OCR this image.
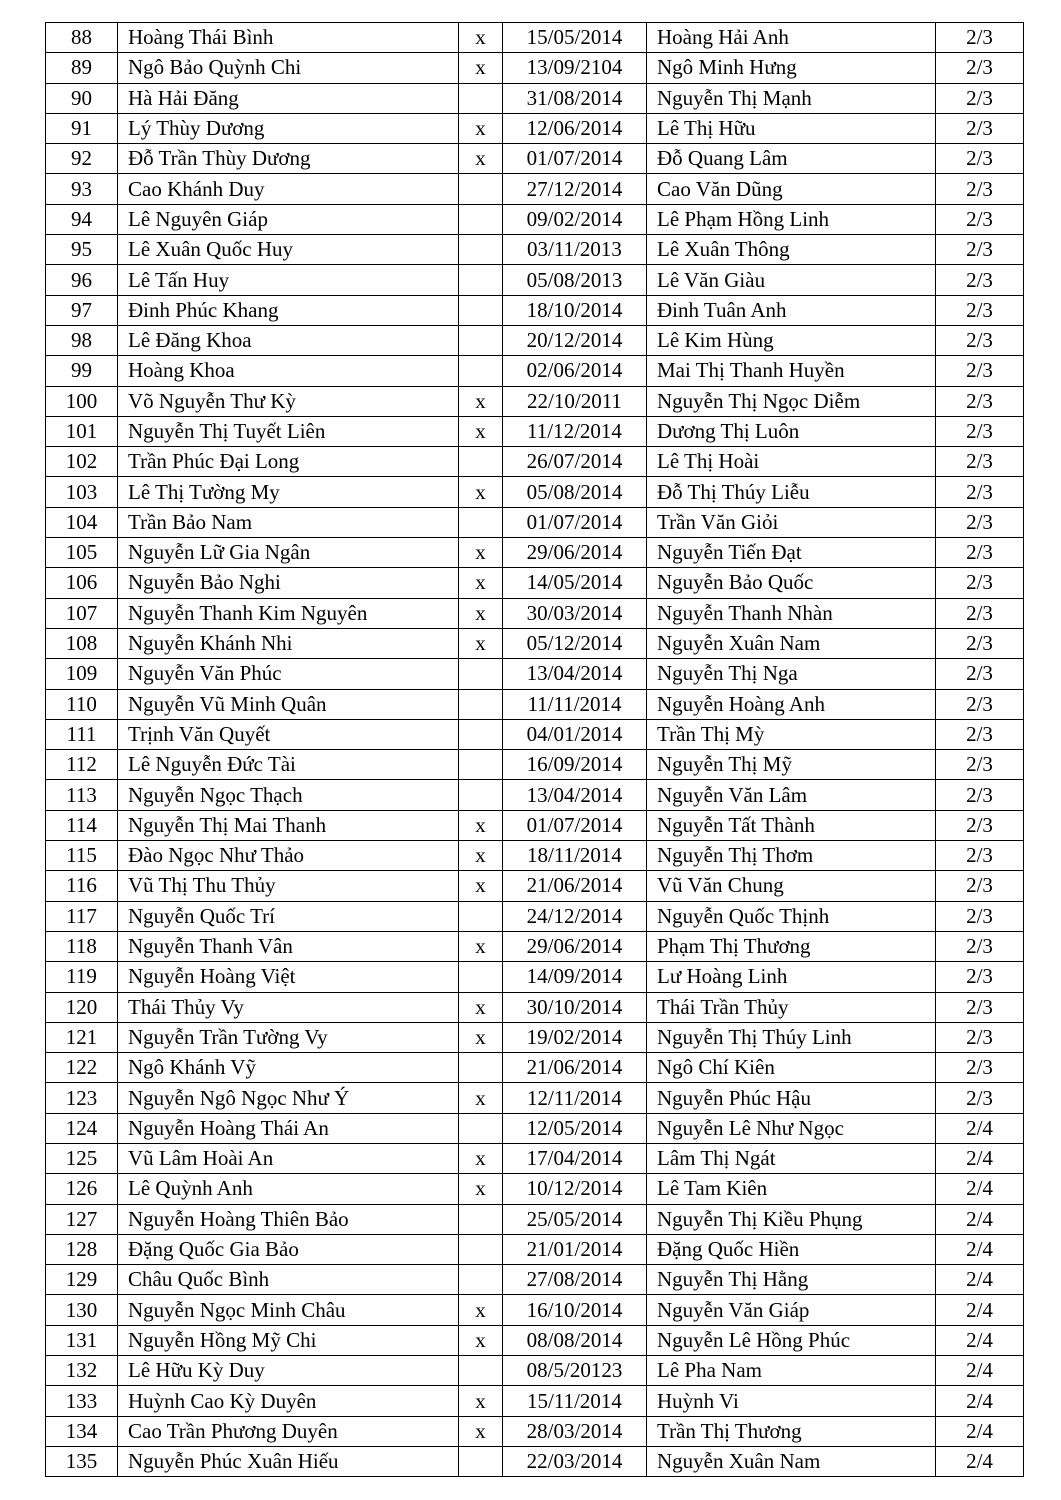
88	Hoàng Thái Bình	x	15/05/2014	Hoàng Hải Anh	2/3
89	Ngô Bảo Quỳnh Chi	x	13/09/2104	Ngô Minh Hưng	2/3
90	Hà Hải Đăng		31/08/2014	Nguyễn Thị Mạnh	2/3
91	Lý Thùy Dương	x	12/06/2014	Lê Thị Hữu	2/3
92	Đỗ Trần Thùy Dương	x	01/07/2014	Đỗ Quang Lâm	2/3
93	Cao Khánh Duy		27/12/2014	Cao Văn Dũng	2/3
94	Lê Nguyên Giáp		09/02/2014	Lê Phạm Hồng Linh	2/3
95	Lê Xuân Quốc Huy		03/11/2013	Lê Xuân Thông	2/3
96	Lê Tấn Huy		05/08/2013	Lê Văn Giàu	2/3
97	Đinh Phúc Khang		18/10/2014	Đinh Tuân Anh	2/3
98	Lê Đăng Khoa		20/12/2014	Lê Kim Hùng	2/3
99	Hoàng Khoa		02/06/2014	Mai Thị Thanh Huyền	2/3
100	Võ Nguyễn Thư Kỳ	x	22/10/2011	Nguyễn Thị Ngọc Diễm	2/3
101	Nguyễn Thị Tuyết Liên	x	11/12/2014	Dương Thị Luôn	2/3
102	Trần Phúc Đại Long		26/07/2014	Lê Thị Hoài	2/3
103	Lê Thị Tường My	x	05/08/2014	Đỗ Thị Thúy Liễu	2/3
104	Trần Bảo Nam		01/07/2014	Trần Văn Giỏi	2/3
105	Nguyễn Lữ Gia Ngân	x	29/06/2014	Nguyễn Tiến Đạt	2/3
106	Nguyễn Bảo Nghi	x	14/05/2014	Nguyễn Bảo Quốc	2/3
107	Nguyễn Thanh Kim Nguyên	x	30/03/2014	Nguyễn Thanh Nhàn	2/3
108	Nguyễn Khánh Nhi	x	05/12/2014	Nguyễn Xuân Nam	2/3
109	Nguyễn Văn Phúc		13/04/2014	Nguyễn Thị Nga	2/3
110	Nguyễn Vũ Minh Quân		11/11/2014	Nguyễn Hoàng Anh	2/3
111	Trịnh Văn Quyết		04/01/2014	Trần Thị Mỳ	2/3
112	Lê Nguyễn Đức Tài		16/09/2014	Nguyễn Thị Mỹ	2/3
113	Nguyễn Ngọc Thạch		13/04/2014	Nguyễn Văn Lâm	2/3
114	Nguyễn Thị Mai Thanh	x	01/07/2014	Nguyễn Tất Thành	2/3
115	Đào Ngọc Như Thảo	x	18/11/2014	Nguyễn Thị Thơm	2/3
116	Vũ Thị Thu Thủy	x	21/06/2014	Vũ Văn Chung	2/3
117	Nguyễn Quốc Trí		24/12/2014	Nguyễn Quốc Thịnh	2/3
118	Nguyễn Thanh Vân	x	29/06/2014	Phạm Thị Thương	2/3
119	Nguyễn Hoàng Việt		14/09/2014	Lư Hoàng Linh	2/3
120	Thái Thủy Vy	x	30/10/2014	Thái Trần Thủy	2/3
121	Nguyễn Trần Tường Vy	x	19/02/2014	Nguyễn Thị Thúy Linh	2/3
122	Ngô Khánh Vỹ		21/06/2014	Ngô Chí Kiên	2/3
123	Nguyễn Ngô Ngọc Như Ý	x	12/11/2014	Nguyễn Phúc Hậu	2/3
124	Nguyễn Hoàng Thái An		12/05/2014	Nguyễn Lê Như Ngọc	2/4
125	Vũ Lâm Hoài An	x	17/04/2014	Lâm Thị Ngát	2/4
126	Lê Quỳnh Anh	x	10/12/2014	Lê Tam Kiên	2/4
127	Nguyễn Hoàng Thiên Bảo		25/05/2014	Nguyễn Thị Kiều Phụng	2/4
128	Đặng Quốc Gia Bảo		21/01/2014	Đặng Quốc Hiền	2/4
129	Châu Quốc Bình		27/08/2014	Nguyễn Thị Hằng	2/4
130	Nguyễn Ngọc Minh Châu	x	16/10/2014	Nguyễn Văn Giáp	2/4
131	Nguyễn Hồng Mỹ Chi	x	08/08/2014	Nguyễn Lê Hồng Phúc	2/4
132	Lê Hữu Kỳ Duy		08/5/20123	Lê Pha Nam	2/4
133	Huỳnh Cao Kỳ Duyên	x	15/11/2014	Huỳnh Vi	2/4
134	Cao Trần Phương Duyên	x	28/03/2014	Trần Thị Thương	2/4
135	Nguyễn Phúc Xuân Hiếu		22/03/2014	Nguyễn Xuân Nam	2/4
